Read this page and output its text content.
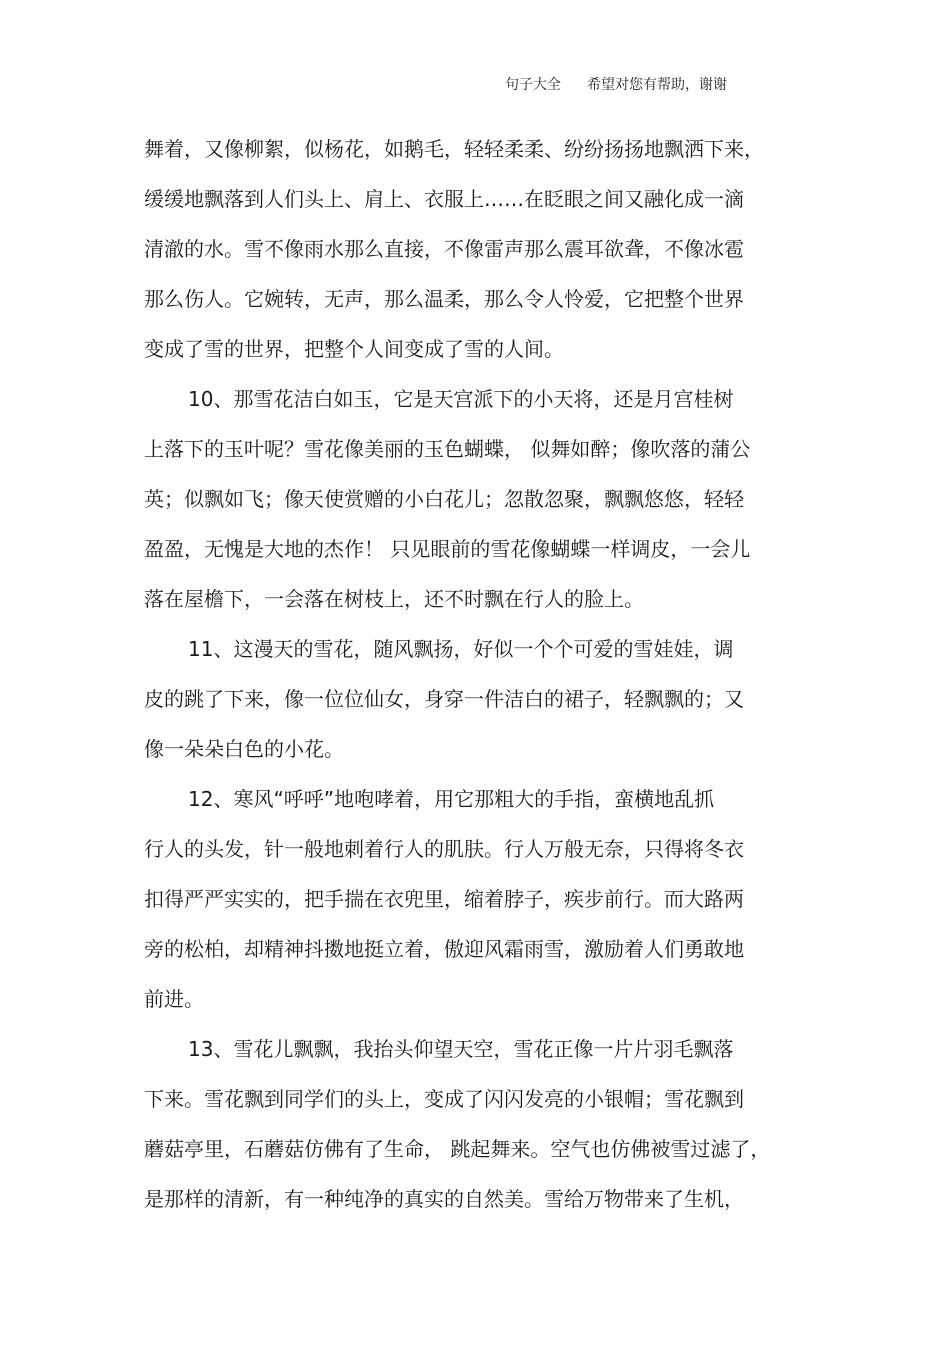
句子大全 希望对您有帮助，谢谢
舞着，又像柳絮，似杨花，如鹅毛，轻轻柔柔、纷纷扬扬地飘洒下来，
缓缓地飘落到人们头上、肩上、衣服上……在眨眼之间又融化成一滴
清澈的水。雪不像雨水那么直接，不像雷声那么震耳欲聋，不像冰雹
那么伤人。它婉转，无声，那么温柔，那么令人怜爱，它把整个世界
变成了雪的世界，把整个人间变成了雪的人间。
10、那雪花洁白如玉，它是天宫派下的小天将，还是月宫桂树
上落下的玉叶呢？雪花像美丽的玉色蝴蝶， 似舞如醉；像吹落的蒲公
英；似飘如飞；像天使赏赠的小白花儿；忽散忽聚，飘飘悠悠，轻轻
盈盈，无愧是大地的杰作！ 只见眼前的雪花像蝴蝶一样调皮，一会儿
落在屋檐下，一会落在树枝上，还不时飘在行人的脸上。
11、这漫天的雪花，随风飘扬，好似一个个可爱的雪娃娃，调
皮的跳了下来，像一位位仙女，身穿一件洁白的裙子，轻飘飘的；又
像一朵朵白色的小花。
12、寒风“呼呼”地咆哮着，用它那粗大的手指，蛮横地乱抓
行人的头发，针一般地刺着行人的肌肤。行人万般无奈，只得将冬衣
扣得严严实实的，把手揣在衣兜里，缩着脖子，疾步前行。而大路两
旁的松柏，却精神抖擞地挺立着，傲迎风霜雨雪，激励着人们勇敢地
前进。
13、雪花儿飘飘，我抬头仰望天空，雪花正像一片片羽毛飘落
下来。雪花飘到同学们的头上，变成了闪闪发亮的小银帽；雪花飘到
蘑菇亭里，石蘑菇仿佛有了生命， 跳起舞来。空气也仿佛被雪过滤了，
是那样的清新，有一种纯净的真实的自然美。雪给万物带来了生机，
